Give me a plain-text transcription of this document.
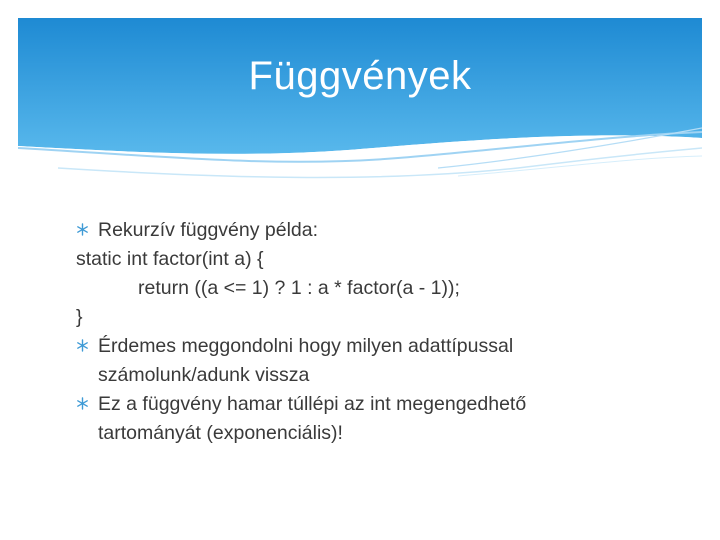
Függvények
Rekurzív függvény példa:
static int factor(int a) {
return ((a <= 1) ? 1 : a * factor(a - 1));
}
Érdemes meggondolni hogy milyen adattípussal
számolunk/adunk vissza
Ez a függvény hamar túllépi az int megengedhető
tartományát (exponenciális)!
